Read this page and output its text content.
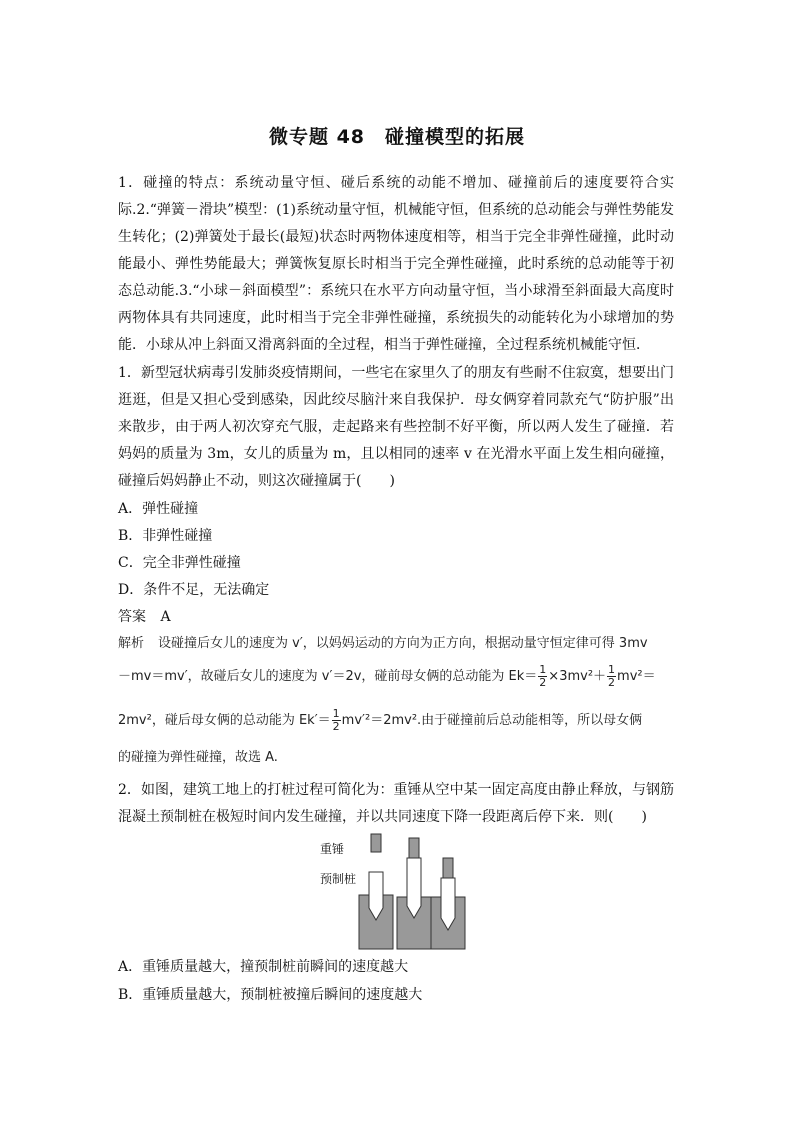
微专题 48　碰撞模型的拓展
1．碰撞的特点：系统动量守恒、碰后系统的动能不增加、碰撞前后的速度要符合实际.2.“弹簧－滑块”模型：(1)系统动量守恒，机械能守恒，但系统的总动能会与弹性势能发生转化；(2)弹簧处于最长(最短)状态时两物体速度相等，相当于完全非弹性碰撞，此时动能最小、弹性势能最大；弹簧恢复原长时相当于完全弹性碰撞，此时系统的总动能等于初态总动能.3.“小球－斜面模型”：系统只在水平方向动量守恒，当小球滑至斜面最大高度时两物体具有共同速度，此时相当于完全非弹性碰撞，系统损失的动能转化为小球增加的势能．小球从冲上斜面又滑离斜面的全过程，相当于弹性碰撞，全过程系统机械能守恒．
1．新型冠状病毒引发肺炎疫情期间，一些宅在家里久了的朋友有些耐不住寂寞，想要出门逛逛，但是又担心受到感染，因此绞尽脑汁来自我保护．母女俩穿着同款充气“防护服”出来散步，由于两人初次穿充气服，走起路来有些控制不好平衡，所以两人发生了碰撞．若妈妈的质量为 3m，女儿的质量为 m，且以相同的速率 v 在光滑水平面上发生相向碰撞，碰撞后妈妈静止不动，则这次碰撞属于(　　)
A．弹性碰撞
B．非弹性碰撞
C．完全非弹性碰撞
D．条件不足，无法确定
答案 A
解析 设碰撞后女儿的速度为 v′，以妈妈运动的方向为正方向，根据动量守恒定律可得 3mv
－mv＝mv′，故碰后女儿的速度为 v′＝2v，碰前母女俩的总动能为 $Ek= \frac{1}{2} \times 3mv^2+ \frac{1}{2} mv^2=$
2mv²，碰后母女俩的总动能为 $Ek'= \frac{1}{2} mv'^2=2mv^2$.由于碰撞前后总动能相等，所以母女俩
的碰撞为弹性碰撞，故选 A.
2．如图，建筑工地上的打桩过程可简化为：重锤从空中某一固定高度由静止释放，与钢筋混凝土预制桩在极短时间内发生碰撞，并以共同速度下降一段距离后停下来．则(　　)
重锤
预制桩
A．重锤质量越大，撞预制桩前瞬间的速度越大
B．重锤质量越大，预制桩被撞后瞬间的速度越大
